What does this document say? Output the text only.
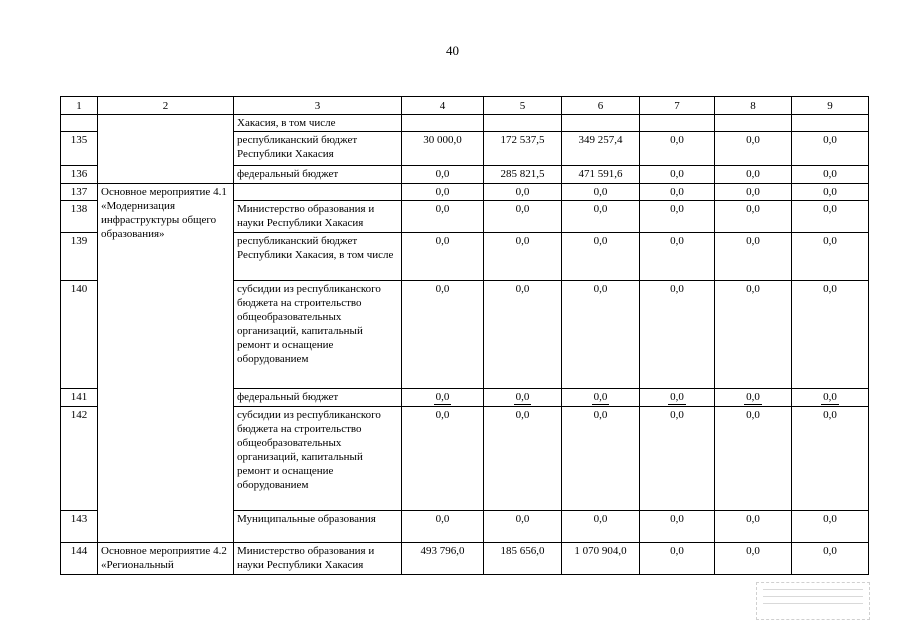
40
1	2	3	4	5	6	7	8	9
		Хакасия, в том числе						
135		республиканский бюджет Республики Хакасия	30 000,0	172 537,5	349 257,4	0,0	0,0	0,0
136		федеральный бюджет	0,0	285 821,5	471 591,6	0,0	0,0	0,0
137	Основное мероприятие 4.1 «Модернизация инфраструктуры общего образования»		0,0	0,0	0,0	0,0	0,0	0,0
138		Министерство образования и науки Республики Хакасия	0,0	0,0	0,0	0,0	0,0	0,0
139		республиканский бюджет Республики Хакасия, в том числе	0,0	0,0	0,0	0,0	0,0	0,0
140		субсидии из республиканского бюджета на строительство общеобразовательных организаций, капитальный ремонт и оснащение оборудованием	0,0	0,0	0,0	0,0	0,0	0,0
141		федеральный бюджет	0,0	0,0	0,0	0,0	0,0	0,0
142		субсидии из республиканского бюджета на строительство общеобразовательных организаций, капитальный ремонт и оснащение оборудованием	0,0	0,0	0,0	0,0	0,0	0,0
143		Муниципальные образования	0,0	0,0	0,0	0,0	0,0	0,0
144	Основное мероприятие 4.2 «Региональный	Министерство образования и науки Республики Хакасия	493 796,0	185 656,0	1 070 904,0	0,0	0,0	0,0
